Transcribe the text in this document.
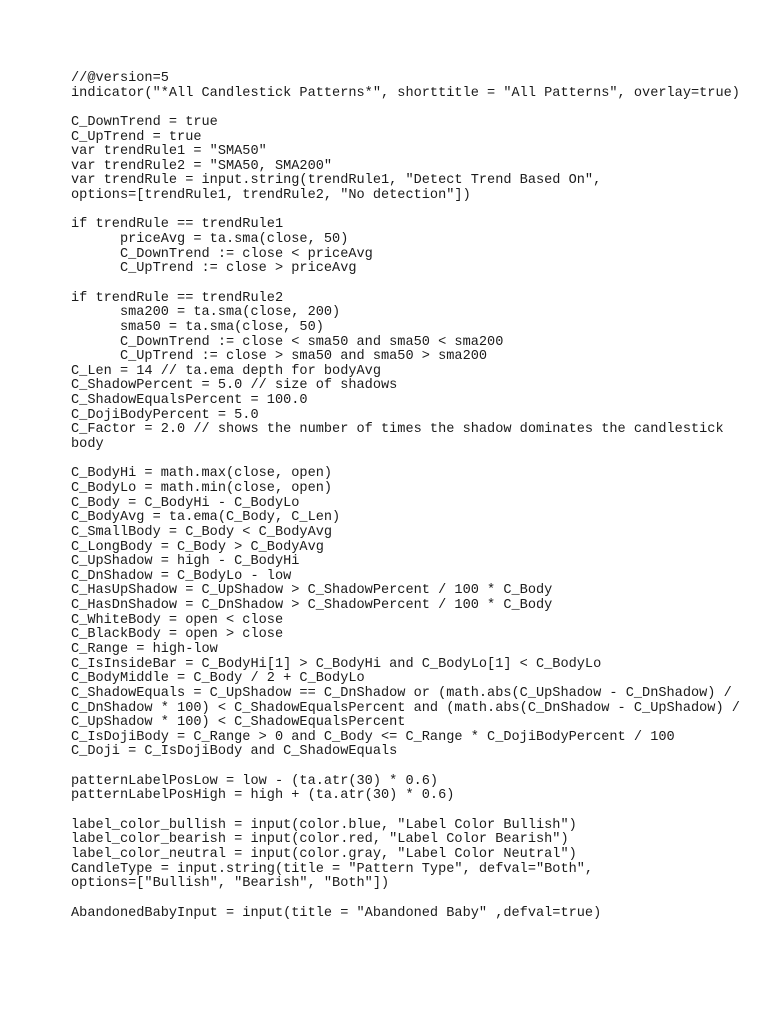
//@version=5
indicator("*All Candlestick Patterns*", shorttitle = "All Patterns", overlay=true)
C_DownTrend = true
C_UpTrend = true
var trendRule1 = "SMA50"
var trendRule2 = "SMA50, SMA200"
var trendRule = input.string(trendRule1, "Detect Trend Based On",
options=[trendRule1, trendRule2, "No detection"])
if trendRule == trendRule1
priceAvg = ta.sma(close, 50)
C_DownTrend := close < priceAvg
C_UpTrend := close > priceAvg
if trendRule == trendRule2
sma200 = ta.sma(close, 200)
sma50 = ta.sma(close, 50)
C_DownTrend := close < sma50 and sma50 < sma200
C_UpTrend := close > sma50 and sma50 > sma200
C_Len = 14 // ta.ema depth for bodyAvg
C_ShadowPercent = 5.0 // size of shadows
C_ShadowEqualsPercent = 100.0
C_DojiBodyPercent = 5.0
C_Factor = 2.0 // shows the number of times the shadow dominates the candlestick
body
C_BodyHi = math.max(close, open)
C_BodyLo = math.min(close, open)
C_Body = C_BodyHi - C_BodyLo
C_BodyAvg = ta.ema(C_Body, C_Len)
C_SmallBody = C_Body < C_BodyAvg
C_LongBody = C_Body > C_BodyAvg
C_UpShadow = high - C_BodyHi
C_DnShadow = C_BodyLo - low
C_HasUpShadow = C_UpShadow > C_ShadowPercent / 100 * C_Body
C_HasDnShadow = C_DnShadow > C_ShadowPercent / 100 * C_Body
C_WhiteBody = open < close
C_BlackBody = open > close
C_Range = high-low
C_IsInsideBar = C_BodyHi[1] > C_BodyHi and C_BodyLo[1] < C_BodyLo
C_BodyMiddle = C_Body / 2 + C_BodyLo
C_ShadowEquals = C_UpShadow == C_DnShadow or (math.abs(C_UpShadow - C_DnShadow) /
C_DnShadow * 100) < C_ShadowEqualsPercent and (math.abs(C_DnShadow - C_UpShadow) /
C_UpShadow * 100) < C_ShadowEqualsPercent
C_IsDojiBody = C_Range > 0 and C_Body <= C_Range * C_DojiBodyPercent / 100
C_Doji = C_IsDojiBody and C_ShadowEquals
patternLabelPosLow = low - (ta.atr(30) * 0.6)
patternLabelPosHigh = high + (ta.atr(30) * 0.6)
label_color_bullish = input(color.blue, "Label Color Bullish")
label_color_bearish = input(color.red, "Label Color Bearish")
label_color_neutral = input(color.gray, "Label Color Neutral")
CandleType = input.string(title = "Pattern Type", defval="Both",
options=["Bullish", "Bearish", "Both"])
AbandonedBabyInput = input(title = "Abandoned Baby" ,defval=true)
